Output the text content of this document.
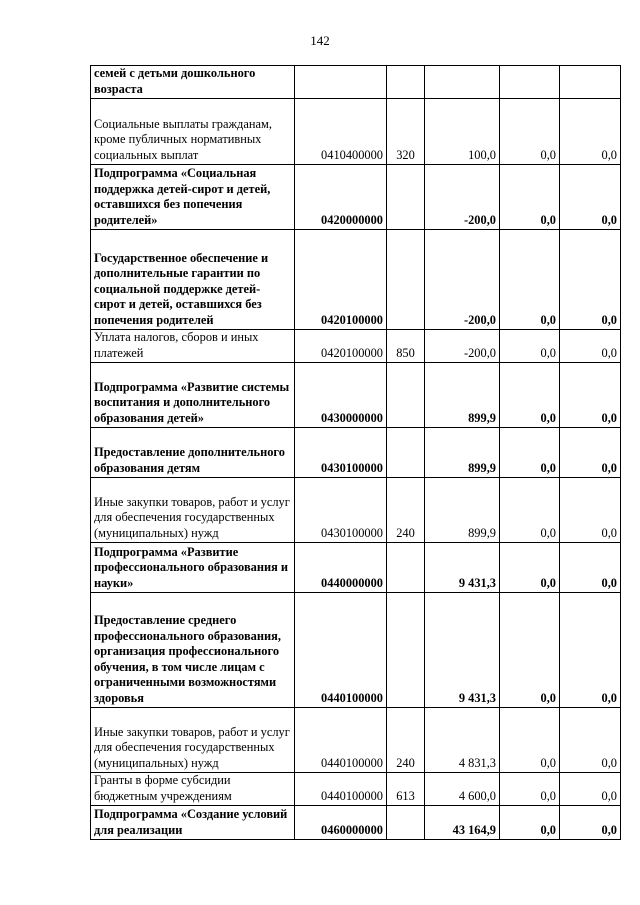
142
семей с детьми дошкольного возраста					
Социальные выплаты гражданам, кроме публичных нормативных социальных выплат	0410400000	320	100,0	0,0	0,0
Подпрограмма «Социальная поддержка детей-сирот и детей, оставшихся без попечения родителей»	0420000000		-200,0	0,0	0,0
Государственное обеспечение и дополнительные гарантии по социальной поддержке детей-сирот и детей, оставшихся без попечения родителей	0420100000		-200,0	0,0	0,0
Уплата налогов, сборов и иных платежей	0420100000	850	-200,0	0,0	0,0
Подпрограмма «Развитие системы воспитания и дополнительного образования детей»	0430000000		899,9	0,0	0,0
Предоставление дополнительного образования детям	0430100000		899,9	0,0	0,0
Иные закупки товаров, работ и услуг для обеспечения государственных (муниципальных) нужд	0430100000	240	899,9	0,0	0,0
Подпрограмма «Развитие профессионального образования и науки»	0440000000		9 431,3	0,0	0,0
Предоставление среднего профессионального образования, организация профессионального обучения, в том числе лицам с ограниченными возможностями здоровья	0440100000		9 431,3	0,0	0,0
Иные закупки товаров, работ и услуг для обеспечения государственных (муниципальных) нужд	0440100000	240	4 831,3	0,0	0,0
Гранты в форме субсидии бюджетным учреждениям	0440100000	613	4 600,0	0,0	0,0
Подпрограмма «Создание условий для реализации	0460000000		43 164,9	0,0	0,0
